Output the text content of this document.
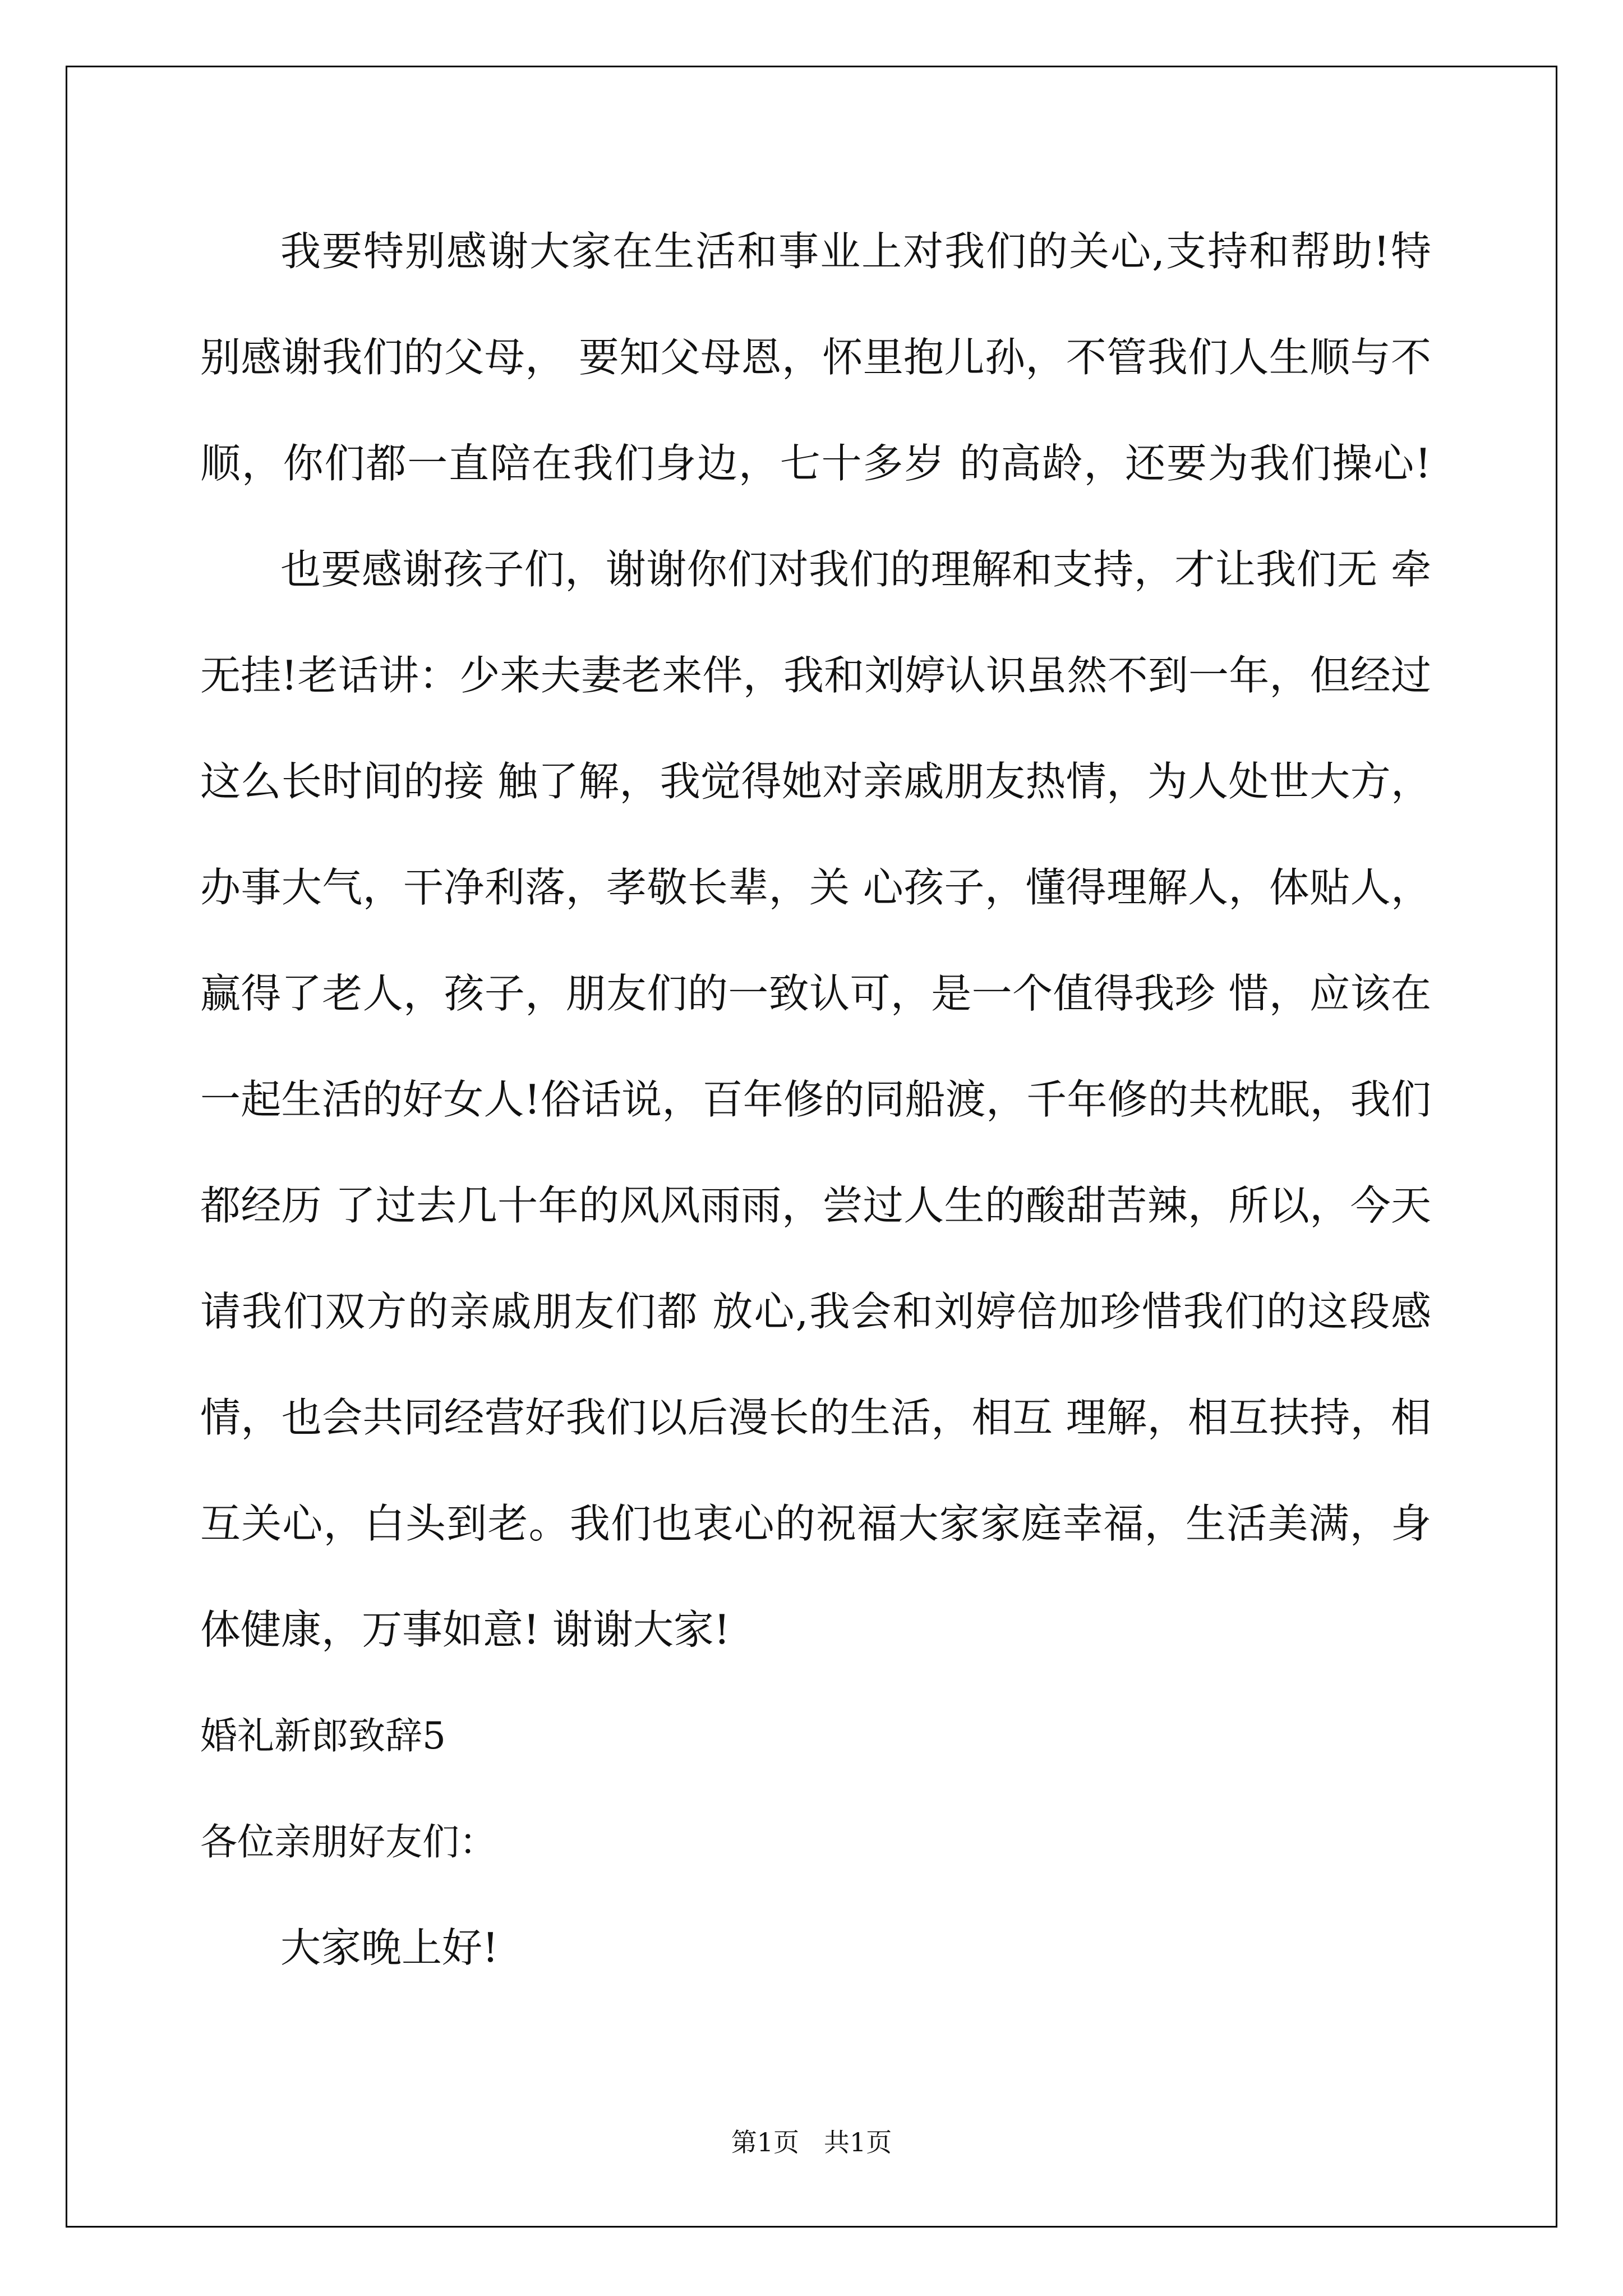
我要特别感谢大家在生活和事业上对我们的关心,支持和帮助!特
别感谢我们的父母， 要知父母恩，怀里抱儿孙，不管我们人生顺与不
顺，你们都一直陪在我们身边，七十多岁 的高龄，还要为我们操心!
也要感谢孩子们，谢谢你们对我们的理解和支持，才让我们无 牵
无挂!老话讲：少来夫妻老来伴，我和刘婷认识虽然不到一年，但经过
这么长时间的接 触了解，我觉得她对亲戚朋友热情，为人处世大方，
办事大气，干净利落，孝敬长辈，关 心孩子，懂得理解人，体贴人，
赢得了老人，孩子，朋友们的一致认可，是一个值得我珍 惜，应该在
一起生活的好女人!俗话说，百年修的同船渡，千年修的共枕眠，我们
都经历 了过去几十年的风风雨雨，尝过人生的酸甜苦辣，所以，今天
请我们双方的亲戚朋友们都 放心,我会和刘婷倍加珍惜我们的这段感
情，也会共同经营好我们以后漫长的生活，相互 理解，相互扶持，相
互关心，白头到老。我们也衷心的祝福大家家庭幸福，生活美满，身
体健康，万事如意! 谢谢大家!
婚礼新郎致辞5
各位亲朋好友们：
大家晚上好!
第1页 共1页
